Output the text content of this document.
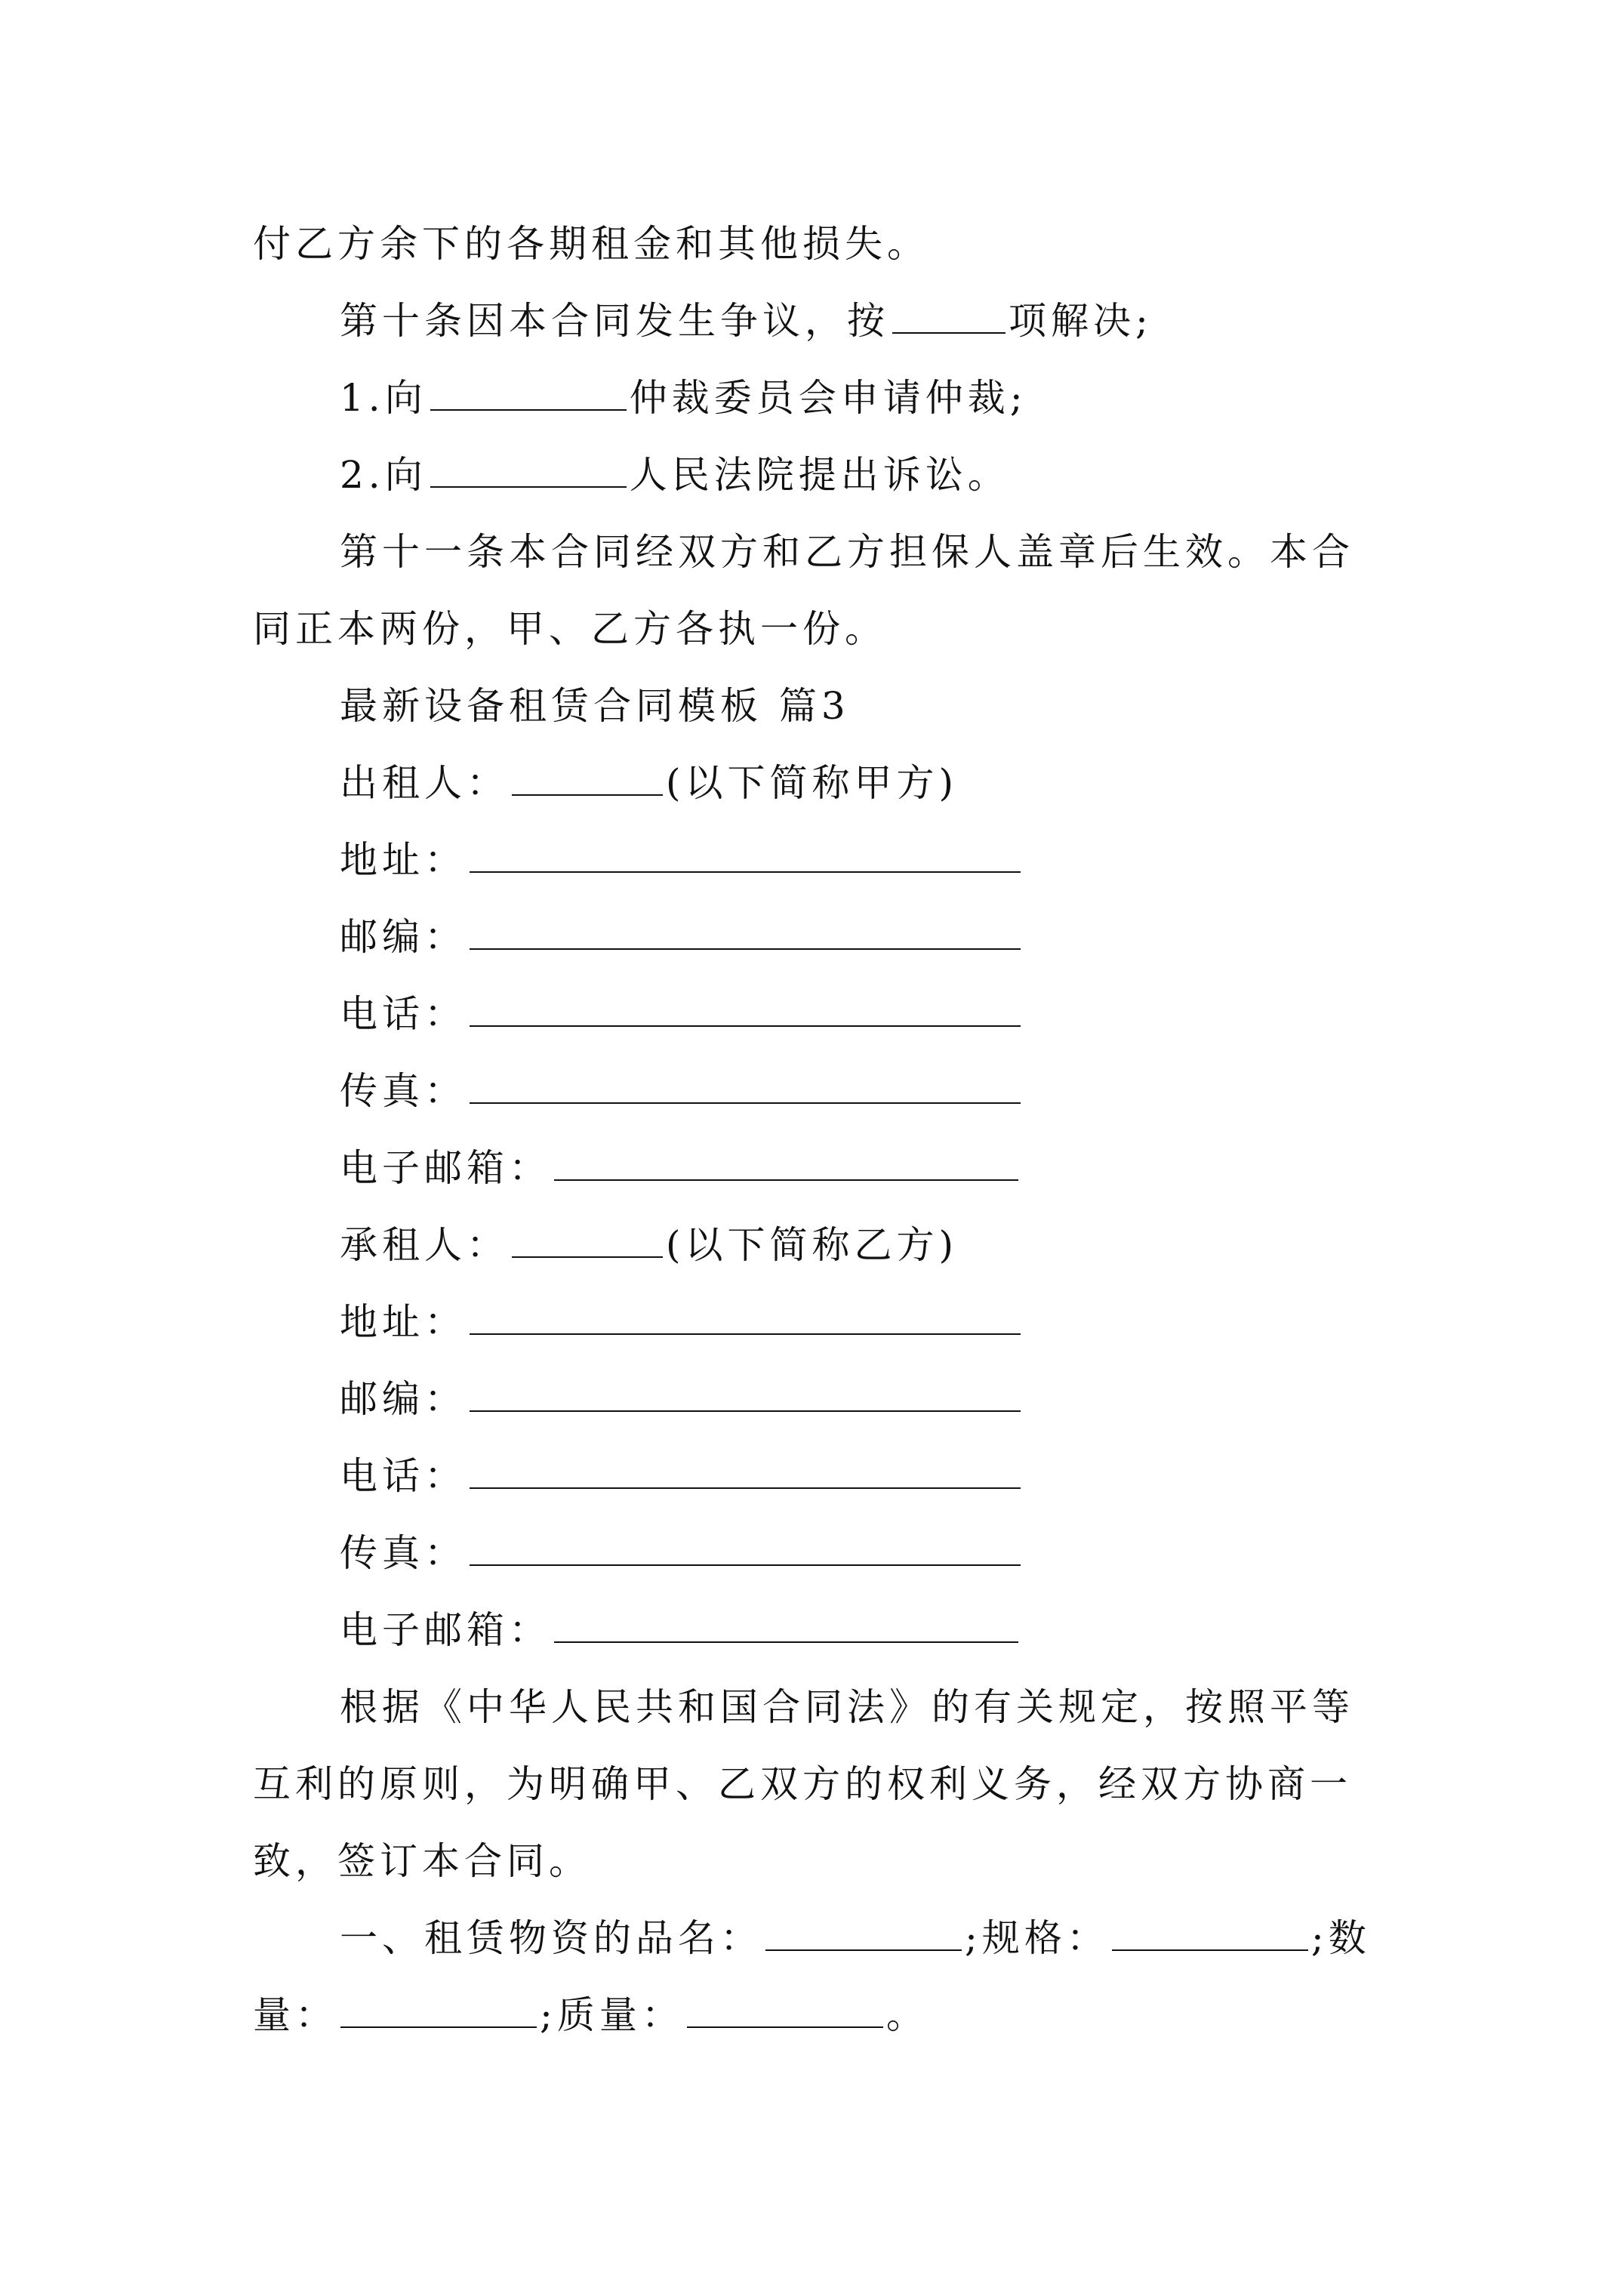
付乙方余下的各期租金和其他损失。
第十条因本合同发生争议，按	项解决;
1.向	仲裁委员会申请仲裁;
2.向	人民法院提出诉讼。
第十一条本合同经双方和乙方担保人盖章后生效。本合
同正本两份，甲、乙方各执一份。
最新设备租赁合同模板 篇3
出租人：	(以下简称甲方)
地址：
邮编：
电话：
传真：
电子邮箱：
承租人：	(以下简称乙方)
地址：
邮编：
电话：
传真：
电子邮箱：
根据《中华人民共和国合同法》的有关规定，按照平等
互利的原则，为明确甲、乙双方的权利义务，经双方协商一
致，签订本合同。
一、租赁物资的品名：	;规格：	;数
量：	;质量：	。
